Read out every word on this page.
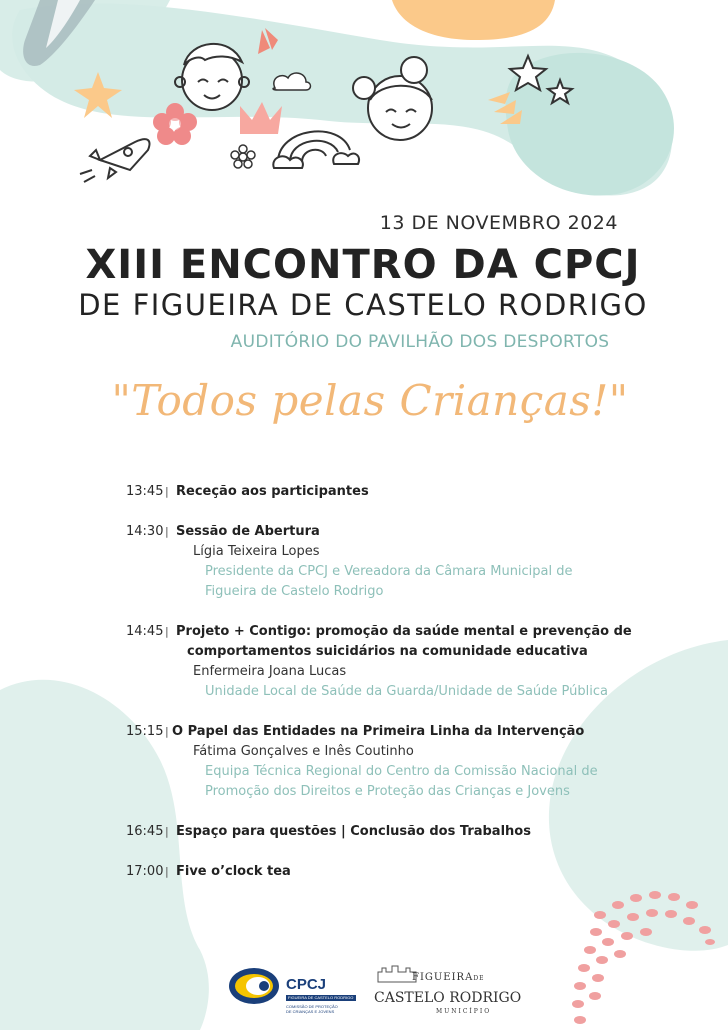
13 DE NOVEMBRO 2024
XIII ENCONTRO DA CPCJ
DE FIGUEIRA DE CASTELO RODRIGO
AUDITÓRIO DO PAVILHÃO DOS DESPORTOS
"Todos pelas Crianças!"
13:45 | Receção aos participantes
14:30 | Sessão de Abertura
Lígia Teixeira Lopes
Presidente da CPCJ e Vereadora da Câmara Municipal de
Figueira de Castelo Rodrigo
14:45 | Projeto + Contigo: promoção da saúde mental e prevenção de
comportamentos suicidários na comunidade educativa
Enfermeira Joana Lucas
Unidade Local de Saúde da Guarda/Unidade de Saúde Pública
15:15 | O Papel das Entidades na Primeira Linha da Intervenção
Fátima Gonçalves e Inês Coutinho
Equipa Técnica Regional do Centro da Comissão Nacional de
Promoção dos Direitos e Proteção das Crianças e Jovens
16:45 | Espaço para questões | Conclusão dos Trabalhos
17:00 | Five o’clock tea
CPCJ
FIGUEIRA DE CASTELO RODRIGO
COMISSÃO DE PROTEÇÃO
DE CRIANÇAS E JOVENS
FIGUEIRADE
CASTELO RODRIGO
MUNICÍPIO
